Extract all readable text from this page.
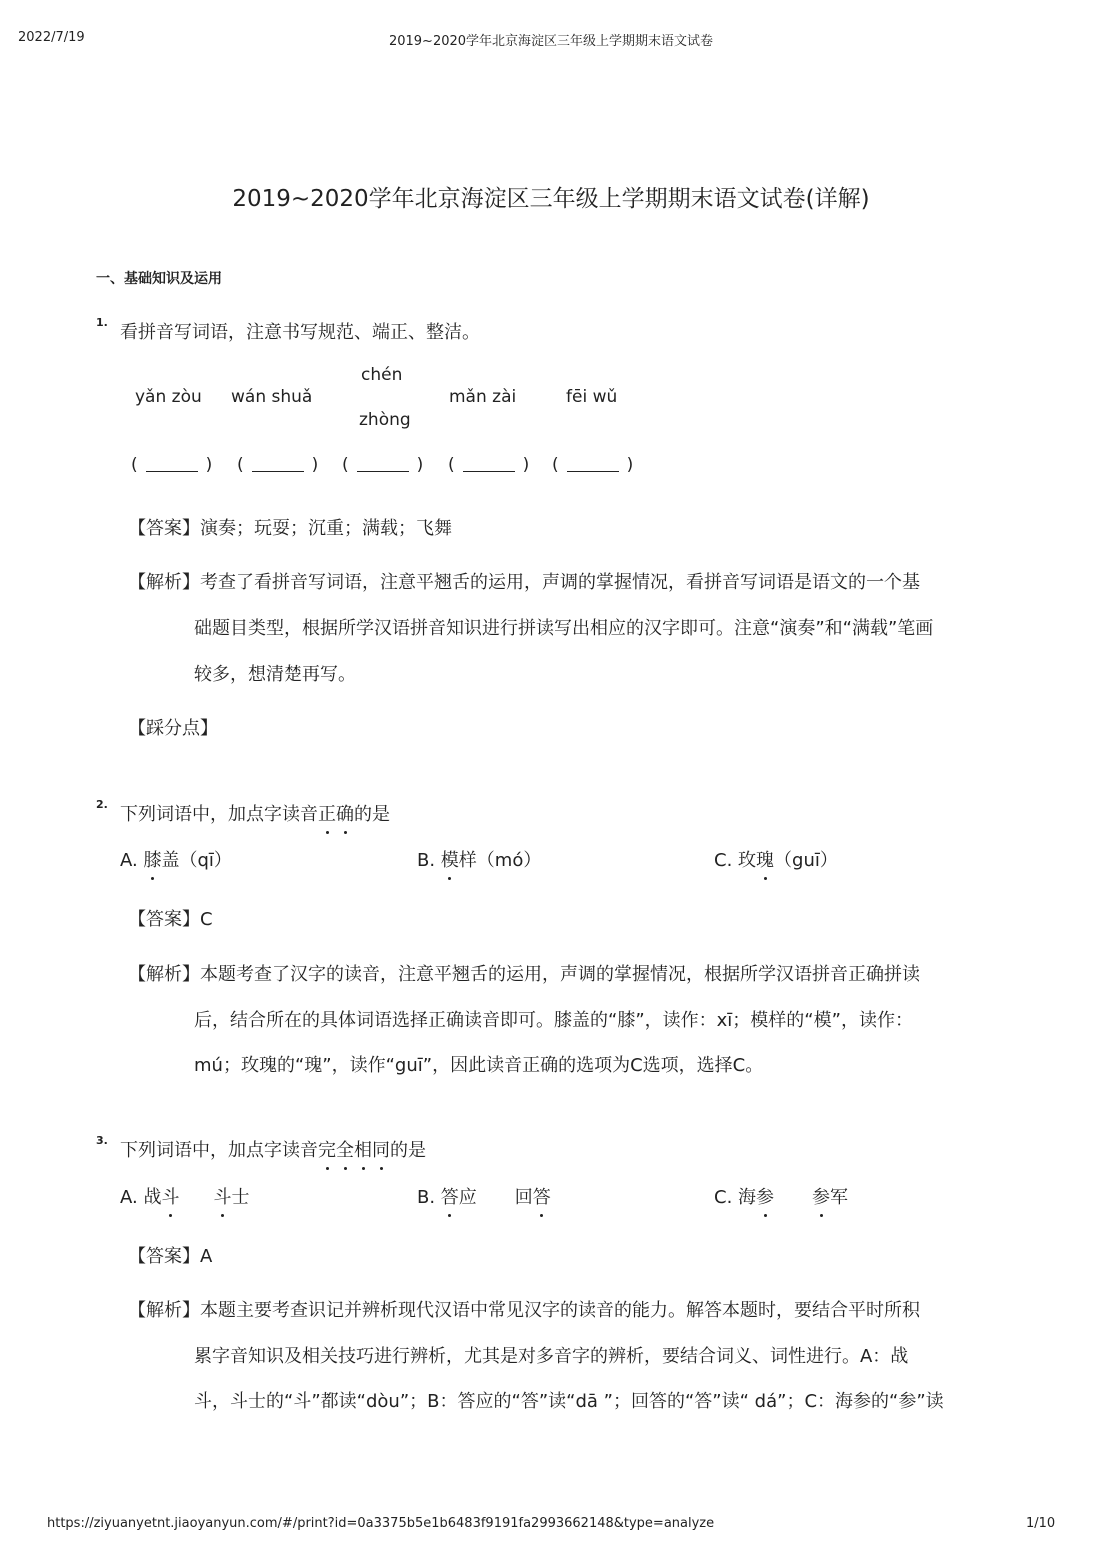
2022/7/19	2019~2020学年北京海淀区三年级上学期期末语文试卷
2019~2020学年北京海淀区三年级上学期期末语文试卷(详解)
一、基础知识及运用
1. 看拼音写词语，注意书写规范、端正、整洁。
yǎn zòu wán shuǎ
chén
zhòng
mǎn zài	fēi wǔ
(	) (	) (	) (	) (	)
【答案】演奏；玩耍；沉重；满载；飞舞
【解析】考查了看拼音写词语，注意平翘舌的运用，声调的掌握情况，看拼音写词语是语文的一个基
础题目类型，根据所学汉语拼音知识进行拼读写出相应的汉字即可。注意“演奏”和“满载”笔画
较多，想清楚再写。
【踩分点】
2. 下列词语中，加点字读音正确的是
A. 膝盖（qī）	B. 模样（mó）	C. 玫瑰（guī）
【答案】C
【解析】本题考查了汉字的读音，注意平翘舌的运用，声调的掌握情况，根据所学汉语拼音正确拼读
后，结合所在的具体词语选择正确读音即可。膝盖的“膝”，读作：xī；模样的“模”，读作：
mú；玫瑰的“瑰”，读作“guī”，因此读音正确的选项为C选项，选择C。
3. 下列词语中，加点字读音完全相同的是
A. 战斗 斗士	B. 答应 回答	C. 海参 参军
【答案】A
【解析】本题主要考查识记并辨析现代汉语中常见汉字的读音的能力。解答本题时，要结合平时所积
累字音知识及相关技巧进行辨析，尤其是对多音字的辨析，要结合词义、词性进行。A：战
斗，斗士的“斗”都读“dòu”；B：答应的“答”读“dā ”；回答的“答”读“ dá”；C：海参的“参”读
https://ziyuanyetnt.jiaoyanyun.com/#/print?id=0a3375b5e1b6483f9191fa2993662148&type=analyze	1/10
